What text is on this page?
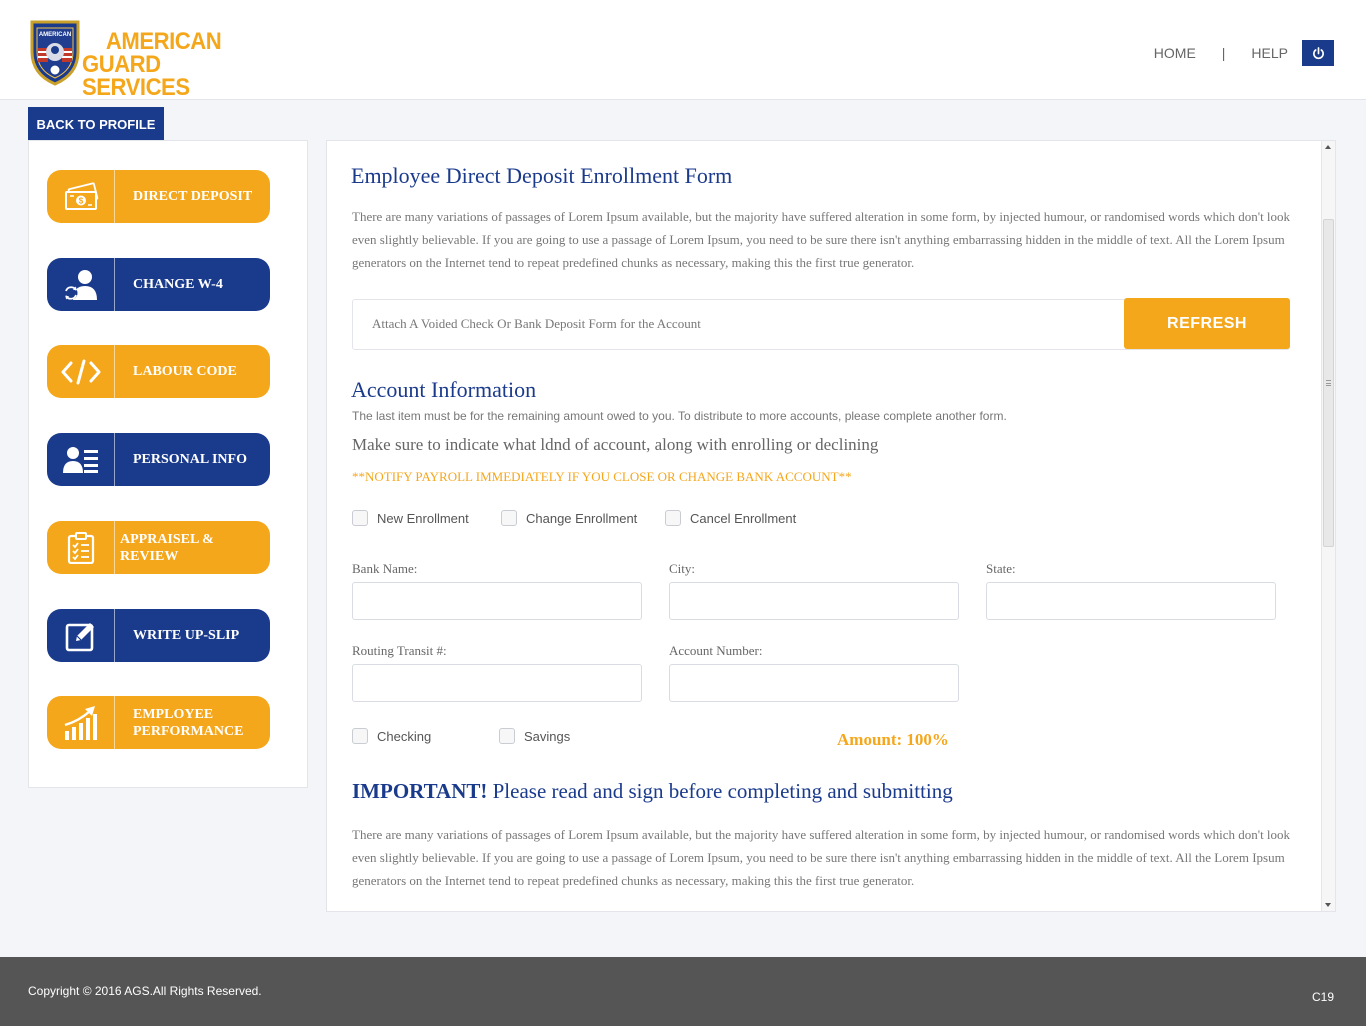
AMERICAN	AMERICAN
GUARD SERVICES
HOME | HELP
BACK TO PROFILE
$	DIRECT DEPOSIT
CHANGE W-4
LABOUR CODE
PERSONAL INFO
APPRAISEL & REVIEW
WRITE UP-SLIP
EMPLOYEE
PERFORMANCE
Employee Direct Deposit Enrollment Form
There are many variations of passages of Lorem Ipsum available, but the majority have suffered alteration in some form, by injected humour, or randomised words which don't look even slightly believable. If you are going to use a passage of Lorem Ipsum, you need to be sure there isn't anything embarrassing hidden in the middle of text. All the Lorem Ipsum generators on the Internet tend to repeat predefined chunks as necessary, making this the first true generator.
Attach A Voided Check Or Bank Deposit Form for the Account	REFRESH
Account Information
The last item must be for the remaining amount owed to you. To distribute to more accounts, please complete another form.
Make sure to indicate what ldnd of account, along with enrolling or declining
**NOTIFY PAYROLL IMMEDIATELY IF YOU CLOSE OR CHANGE BANK ACCOUNT**
New Enrollment	Change Enrollment	Cancel Enrollment
Bank Name:	City:	State:
Routing Transit #:	Account Number:
Checking	Savings	Amount: 100%
IMPORTANT! Please read and sign before completing and submitting
There are many variations of passages of Lorem Ipsum available, but the majority have suffered alteration in some form, by injected humour, or randomised words which don't look even slightly believable. If you are going to use a passage of Lorem Ipsum, you need to be sure there isn't anything embarrassing hidden in the middle of text. All the Lorem Ipsum generators on the Internet tend to repeat predefined chunks as necessary, making this the first true generator.
Copyright © 2016 AGS.All Rights Reserved.	C19
